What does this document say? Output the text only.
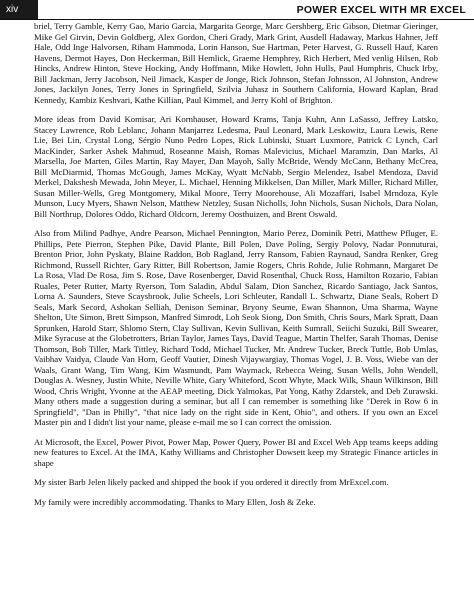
xiv	POWER EXCEL WITH MR EXCEL

briel, Terry Gamble, Kerry Gao, Mario Garcia, Margarita George, Marc Gershberg, Eric Gibson, Dietmar Gieringer, Mike Gel Girvin, Devin Goldberg, Alex Gordon, Cheri Grady, Mark Grint, Ausdell Hadaway, Markus Hahner, Jeff Hale, Odd Inge Halvorsen, Riham Hammoda, Lorin Hanson, Sue Hartman, Peter Harvest, G. Russell Hauf, Karen Havens, Dermot Hayes, Don Heckerman, Bill Hemlick, Graeme Hemphrey, Rich Herbert, Med venlig Hilsen, Rob Hincks, Andrew Hinton, Steve Hocking, Andy Hoffmann, Mike Howlett, John Hulls, Paul Humphris, Chuck Irby, Bill Jackman, Jerry Jacobson, Neil Jimack, Kasper de Jonge, Rick Johnson, Stefan Johnsson, Al Johnston, Andrew Jones, Jackilyn Jones, Terry Jones in Springfield, Szilvia Juhasz in Southern California, Howard Kaplan, Brad Kennedy, Kambiz Keshvari, Kathe Killian, Paul Kimmel, and Jerry Kohl of Brighton.

More ideas from David Komisar, Ari Kornhauser, Howard Krams, Tanja Kuhn, Ann LaSasso, Jeffrey Latsko, Stacey Lawrence, Rob Leblanc, Johann Manjarrez Ledesma, Paul Leonard, Mark Leskowitz, Laura Lewis, Rene Lie, Bei Lin, Crystal Long, Sérgio Nuno Pedro Lopes, Rick Lubinski, Stuart Luxmore, Patrick C Lynch, Carl MacKinder, Sarker Ashek Mahmud, Roseanne Maish, Romas Malevicius, Michael Maramzin, Dan Marks, Al Marsella, Joe Marten, Giles Martin, Ray Mayer, Dan Mayoh, Sally McBride, Wendy McCann, Bethany McCrea, Bill McDiarmid, Thomas McGough, James McKay, Wyatt McNabb, Sergio Melendez, Isabel Mendoza, David Merkel, Dakshesh Mewada, John Meyer, L. Michael, Henning Mikkelsen, Dan Miller, Mark Miller, Richard Miller, Susan Miller-Wells, Greg Montgomery, Mikal Moore, Terry Moorehouse, Ali Mozaffari, Isabel Mrndoza, Kyle Munson, Lucy Myers, Shawn Nelson, Matthew Netzley, Susan Nicholls, John Nichols, Susan Nichols, Dara Nolan, Bill Northrup, Dolores Oddo, Richard Oldcorn, Jeremy Oosthuizen, and Brent Oswald.

Also from Milind Padhye, Andre Pearson, Michael Pennington, Mario Perez, Dominik Petri, Matthew Pfluger, E. Phillips, Pete Pierron, Stephen Pike, David Plante, Bill Polen, Dave Poling, Sergiy Polovy, Nadar Ponnuturai, Brenton Prior, John Pyskaty, Blaine Raddon, Bob Ragland, Jerry Ransom, Fabien Raynaud, Sandra Renker, Greg Richmond, Russell Richter, Gary Ritter, Bill Robertson, Jamie Rogers, Chris Rohde, Julie Rohmann, Margaret De La Rosa, Vlad De Rosa, Jim S. Rose, Dave Rosenberger, David Rosenthal, Chuck Ross, Hamilton Rozario, Fabian Ruales, Peter Rutter, Marty Ryerson, Tom Saladin, Abdul Salam, Dion Sanchez, Ricardo Santiago, Jack Santos, Lorna A. Saunders, Steve Scaysbrook, Julie Scheels, Lori Schleuter, Randall L. Schwartz, Diane Seals, Robert D Seals, Mark Secord, Ashokan Selliah, Denison Seminar, Bryony Seume, Ewan Shannon, Uma Sharma, Wayne Shelton, Ute Simon, Brett Simpson, Manfred Simrodt, Loh Seok Siong, Don Smith, Chris Sours, Mark Spratt, Daan Sprunken, Harold Starr, Shlomo Stern, Clay Sullivan, Kevin Sullivan, Keith Sumrall, Seiichi Suzuki, Bill Swearer, Mike Syracuse at the Globetrotters, Brian Taylor, James Tays, David Teague, Martin Thelfer, Sarah Thomas, Denise Thomson, Bob Tiller, Mark Tittley, Richard Todd, Michael Tucker, Mr. Andrew Tucker, Breck Tuttle, Bob Umlas, Vaibhav Vaidya, Claude Van Horn, Geoff Vautier, Dinesh Vijaywargiay, Thomas Vogel, J. B. Voss, Wiebe van der Waals, Grant Wang, Tim Wang, Kim Wasmundt, Pam Waymack, Rebecca Weing, Susan Wells, John Wendell, Douglas A. Wesney, Justin White, Neville White, Gary Whiteford, Scott Whyte, Mack Wilk, Shaun Wilkinson, Bill Wood, Chris Wright, Yvonne at the AEAP meeting, Dick Yalmokas, Pat Yong, Kathy Zdarstek, and Deb Zurawski. Many others made a suggestion during a seminar, but all I can remember is something like "Derek in Row 6 in Springfield", "Dan in Philly", "that nice lady on the right side in Kent, Ohio", and others. If you own an Excel Master pin and I didn't list your name, please e-mail me so I can correct the omission.

At Microsoft, the Excel, Power Pivot, Power Map, Power Query, Power BI and Excel Web App teams keeps adding new features to Excel. At the IMA, Kathy Williams and Christopher Dowsett keep my Strategic Finance articles in shape

My sister Barb Jelen likely packed and shipped the book if you ordered it directly from MrExcel.com.

My family were incredibly accommodating. Thanks to Mary Ellen, Josh & Zeke.
